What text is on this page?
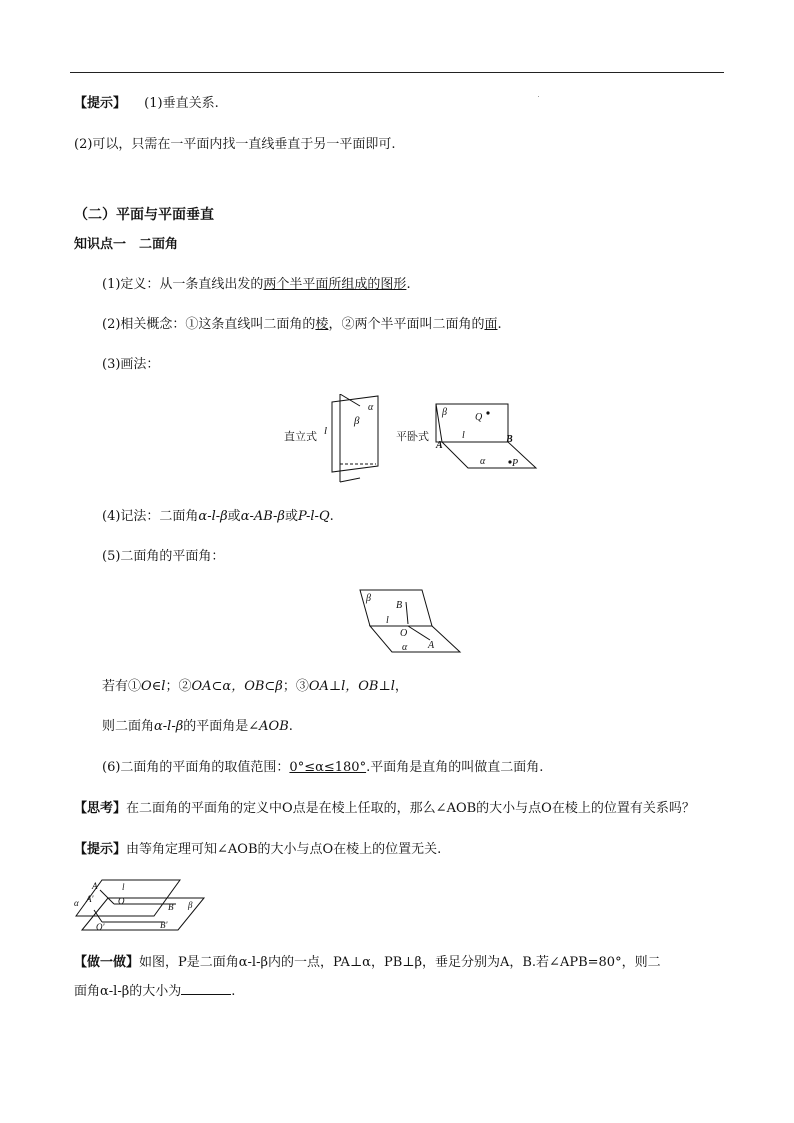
【提示】 (1)垂直关系.
(2)可以，只需在一平面内找一直线垂直于另一平面即可.
（二）平面与平面垂直
知识点一　二面角
(1)定义：从一条直线出发的两个半平面所组成的图形.
(2)相关概念：①这条直线叫二面角的棱，②两个半平面叫二面角的面.
(3)画法：
直立式 l
β
α
平卧式
β	Q
l
A
B
α	P
(4)记法：二面角α-l-β或α-AB-β或P-l-Q.
(5)二面角的平面角：
β
B
l
O
α A
若有①O∈l；②OA⊂α，OB⊂β；③OA⊥l，OB⊥l，
则二面角α-l-β的平面角是∠AOB.
(6)二面角的平面角的取值范围：0°≤α≤180°.平面角是直角的叫做直二面角.
【思考】在二面角的平面角的定义中O点是在棱上任取的，那么∠AOB的大小与点O在棱上的位置有关系吗？
【提示】由等角定理可知∠AOB的大小与点O在棱上的位置无关.
A
A'
l
α	O	β
B
O'	B'
【做一做】如图，P是二面角α-l-β内的一点，PA⊥α，PB⊥β，垂足分别为A，B.若∠APB=80°，则二
面角α-l-β的大小为	.
